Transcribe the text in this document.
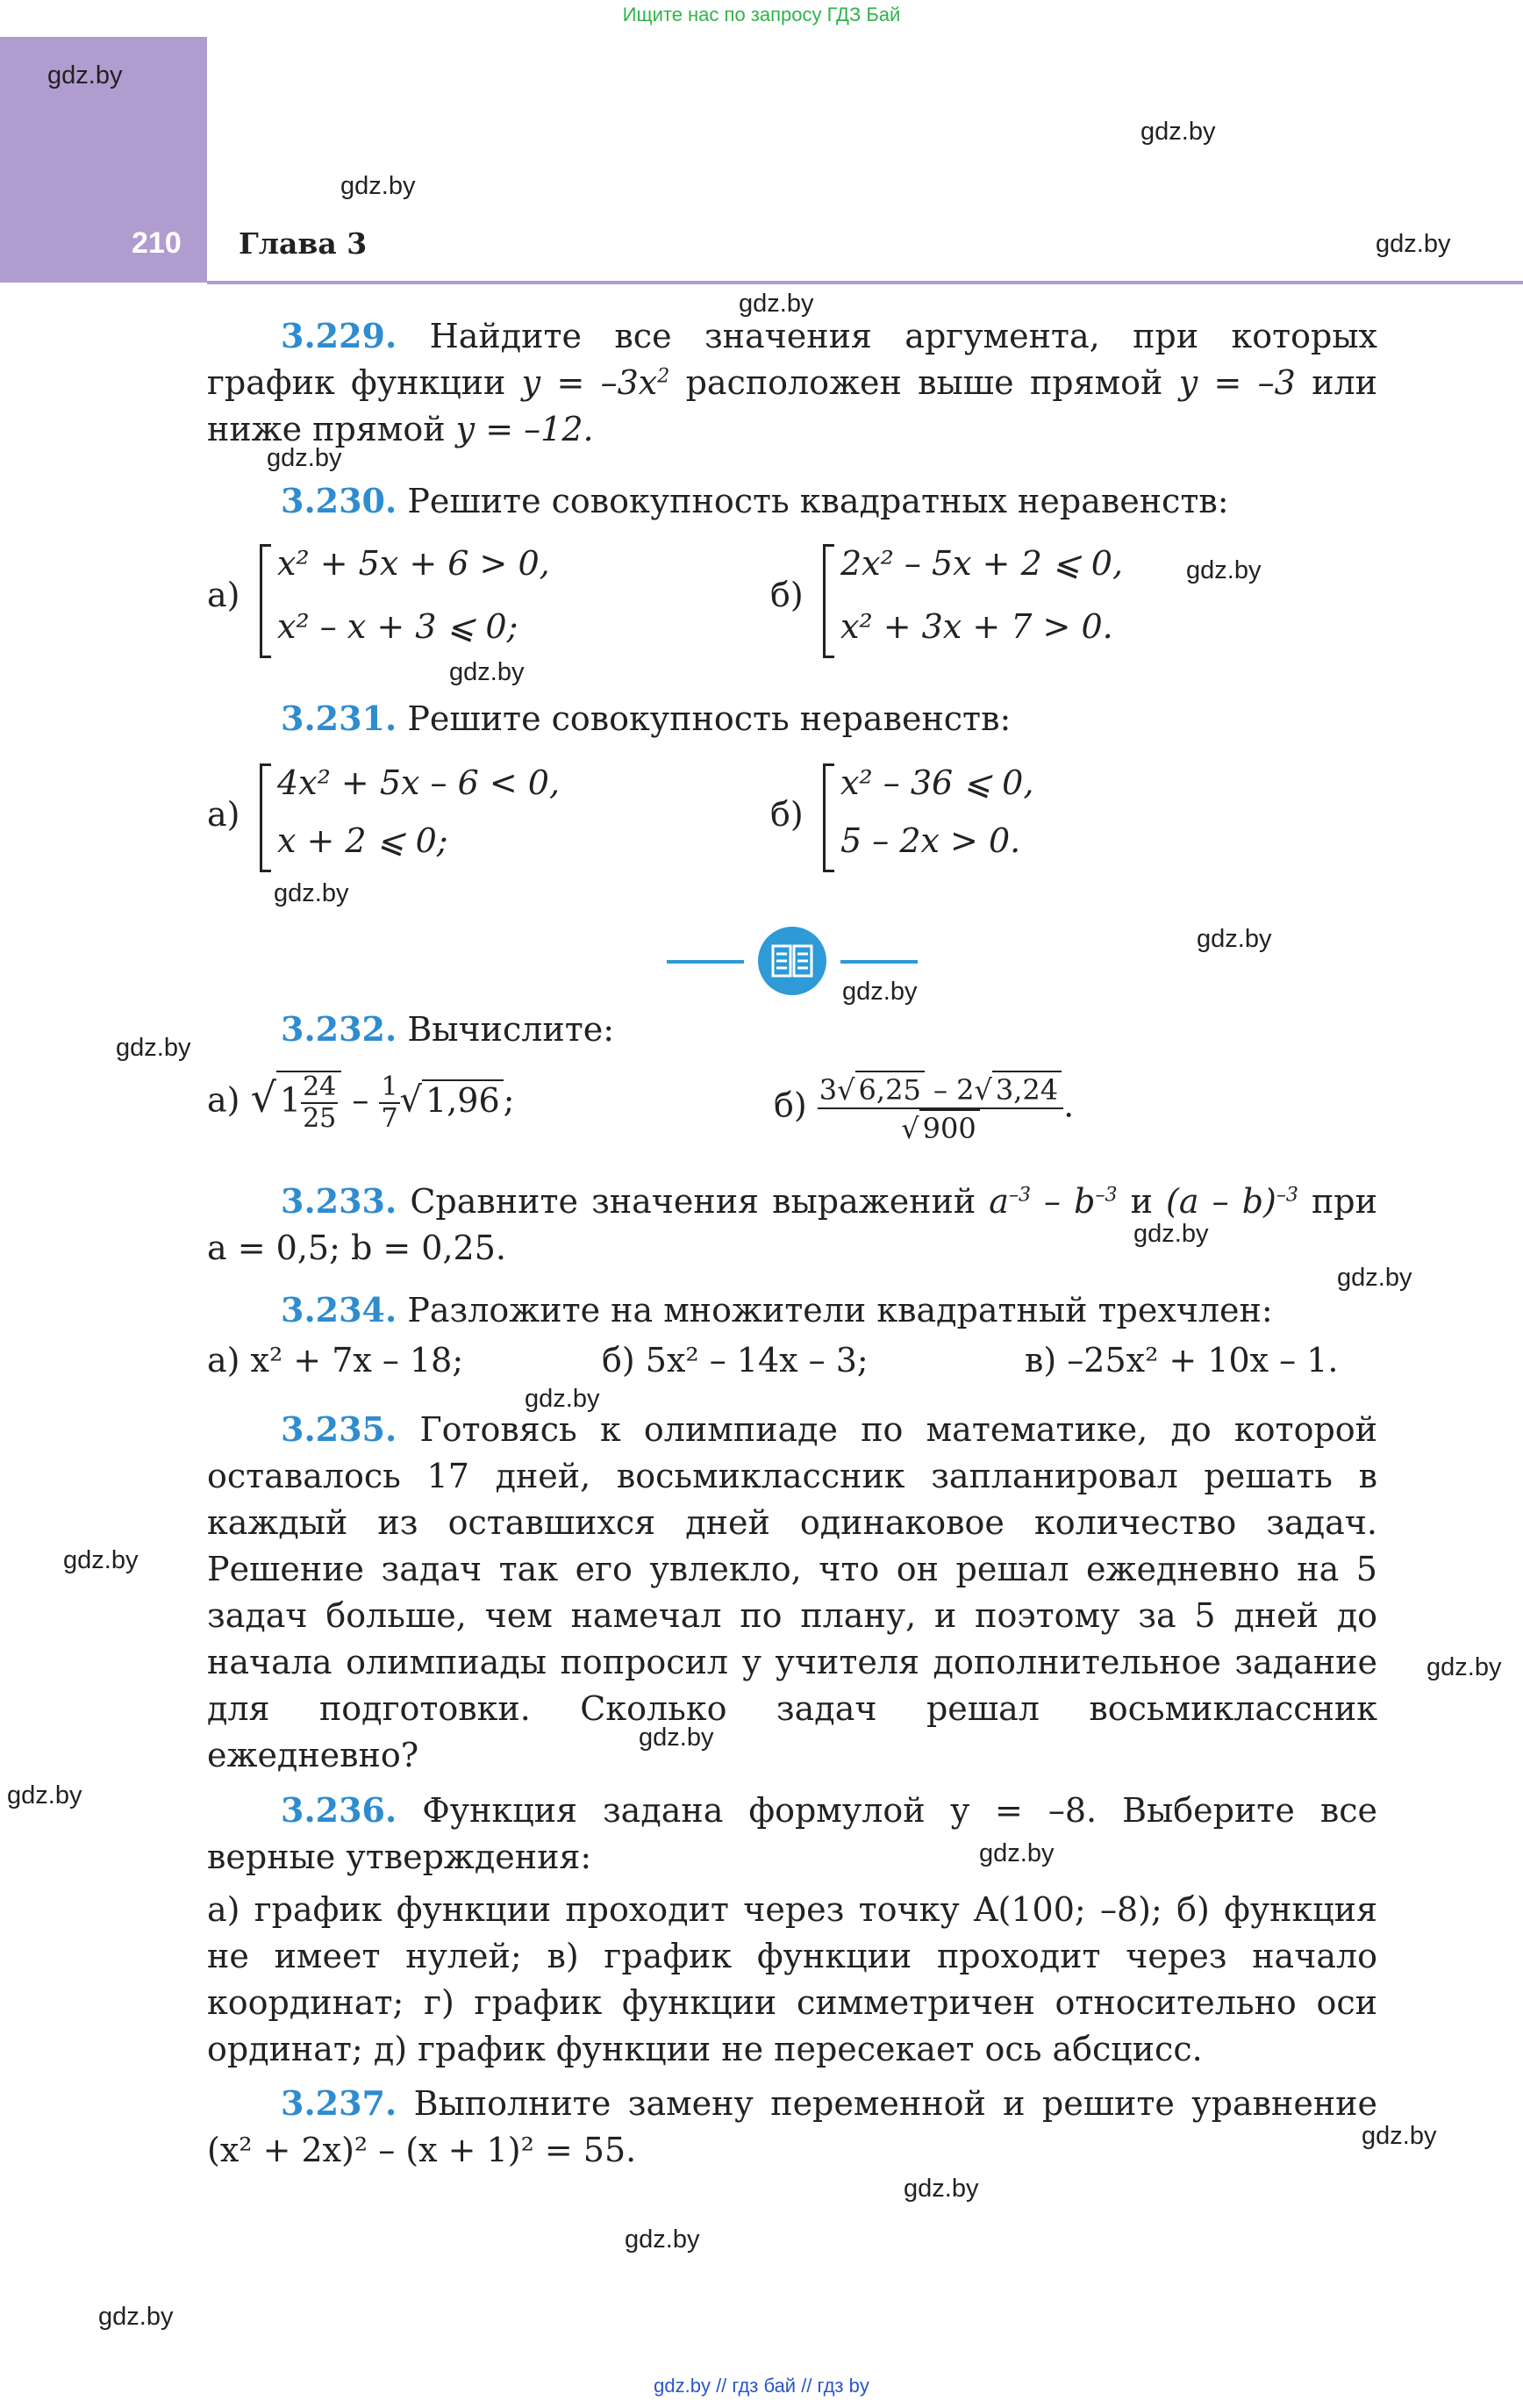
Ищите нас по запросу ГДЗ Бай
210 Глава 3
gdz.by
gdz.by
gdz.by
gdz.by
gdz.by
gdz.by
gdz.by
gdz.by
gdz.by
gdz.by
gdz.by
gdz.by
gdz.by
gdz.by
gdz.by
gdz.by
gdz.by
gdz.by
gdz.by
gdz.by
gdz.by
gdz.by
gdz.by
gdz.by
3.229. Найдите все значения аргумента, при которых график функции $y = -3x^2$ расположен выше прямой y = –3 или ниже прямой y = –12.
3.230. Решите совокупность квадратных неравенств:
а)
x² + 5x + 6 > 0,
x² – x + 3 ⩽ 0;
б)
2x² – 5x + 2 ⩽ 0,
x² + 3x + 7 > 0.
3.231. Решите совокупность неравенств:
а)
4x² + 5x – 6 < 0,
x + 2 ⩽ 0;
б)
x² – 36 ⩽ 0,
5 – 2x > 0.
3.232. Вычислите:
а) √ $1 \frac{24}{25} - \frac{1}{7}$ √ 1,96 ;	$б) \frac{3√ 6,25 - 2√ 3,24}{√ 900}$ .
3.233. Сравните значения выражений $a^{-3} - b^{-3}$ и (a – b)$^{-3}$ при a = 0,5; b = 0,25.
3.234. Разложите на множители квадратный трехчлен:
а) x² + 7x – 18;	б) 5x² – 14x – 3;	в) –25x² + 10x – 1.
3.235. Готовясь к олимпиаде по математике, до которой оставалось 17 дней, восьмиклассник запланировал решать в каждый из оставшихся дней одинаковое количество задач. Решение задач так его увлекло, что он решал ежедневно на 5 задач больше, чем намечал по плану, и поэтому за 5 дней до начала олимпиады попросил у учителя дополнительное задание для подготовки. Сколько задач решал восьмиклассник ежедневно?
3.236. Функция задана формулой y = –8. Выберите все верные утверждения:
а) график функции проходит через точку A(100; –8); б) функция не имеет нулей; в) график функции проходит через начало координат; г) график функции симметричен относительно оси ординат; д) график функции не пересекает ось абсцисс.
3.237. Выполните замену переменной и решите уравнение (x² + 2x)² – (x + 1)² = 55.
gdz.by // гдз бай // гдз by
